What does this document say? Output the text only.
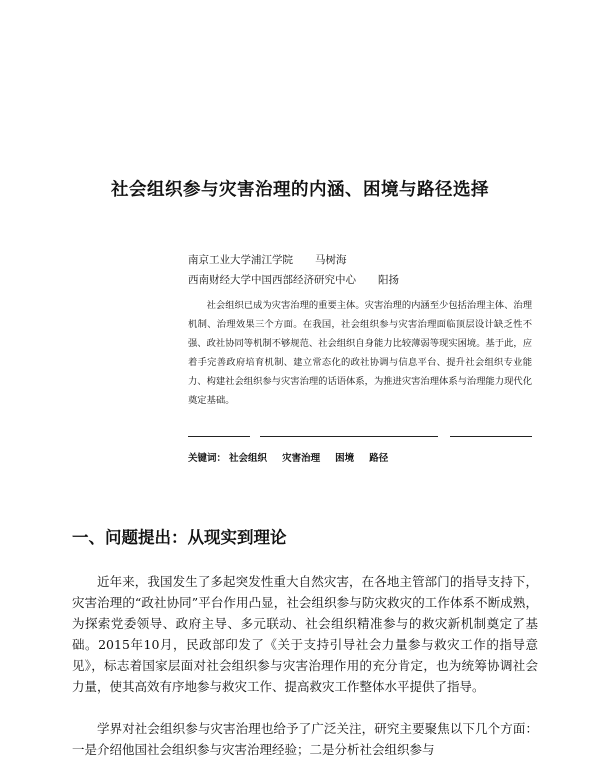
社会组织参与灾害治理的内涵、困境与路径选择
南京工业大学浦江学院 马树海
西南财经大学中国西部经济研究中心 阳扬

社会组织已成为灾害治理的重要主体。灾害治理的内涵至少包括治理主体、治理机制、治理效果三个方面。在我国，社会组织参与灾害治理面临顶层设计缺乏性不强、政社协同等机制不够规范、社会组织自身能力比较薄弱等现实困境。基于此，应着手完善政府培育机制、建立常态化的政社协调与信息平台、提升社会组织专业能力、构建社会组织参与灾害治理的话语体系，为推进灾害治理体系与治理能力现代化奠定基础。

关键词： 社会组织 灾害治理 困境 路径
一、问题提出：从现实到理论

近年来，我国发生了多起突发性重大自然灾害，在各地主管部门的指导支持下，灾害治理的“政社协同”平台作用凸显，社会组织参与防灾救灾的工作体系不断成熟，为探索党委领导、政府主导、多元联动、社会组织精准参与的救灾新机制奠定了基础。2015年10月，民政部印发了《关于支持引导社会力量参与救灾工作的指导意见》，标志着国家层面对社会组织参与灾害治理作用的充分肯定，也为统筹协调社会力量，使其高效有序地参与救灾工作、提高救灾工作整体水平提供了指导。

学界对社会组织参与灾害治理也给予了广泛关注，研究主要聚焦以下几个方面：一是介绍他国社会组织参与灾害治理经验；二是分析社会组织参与
